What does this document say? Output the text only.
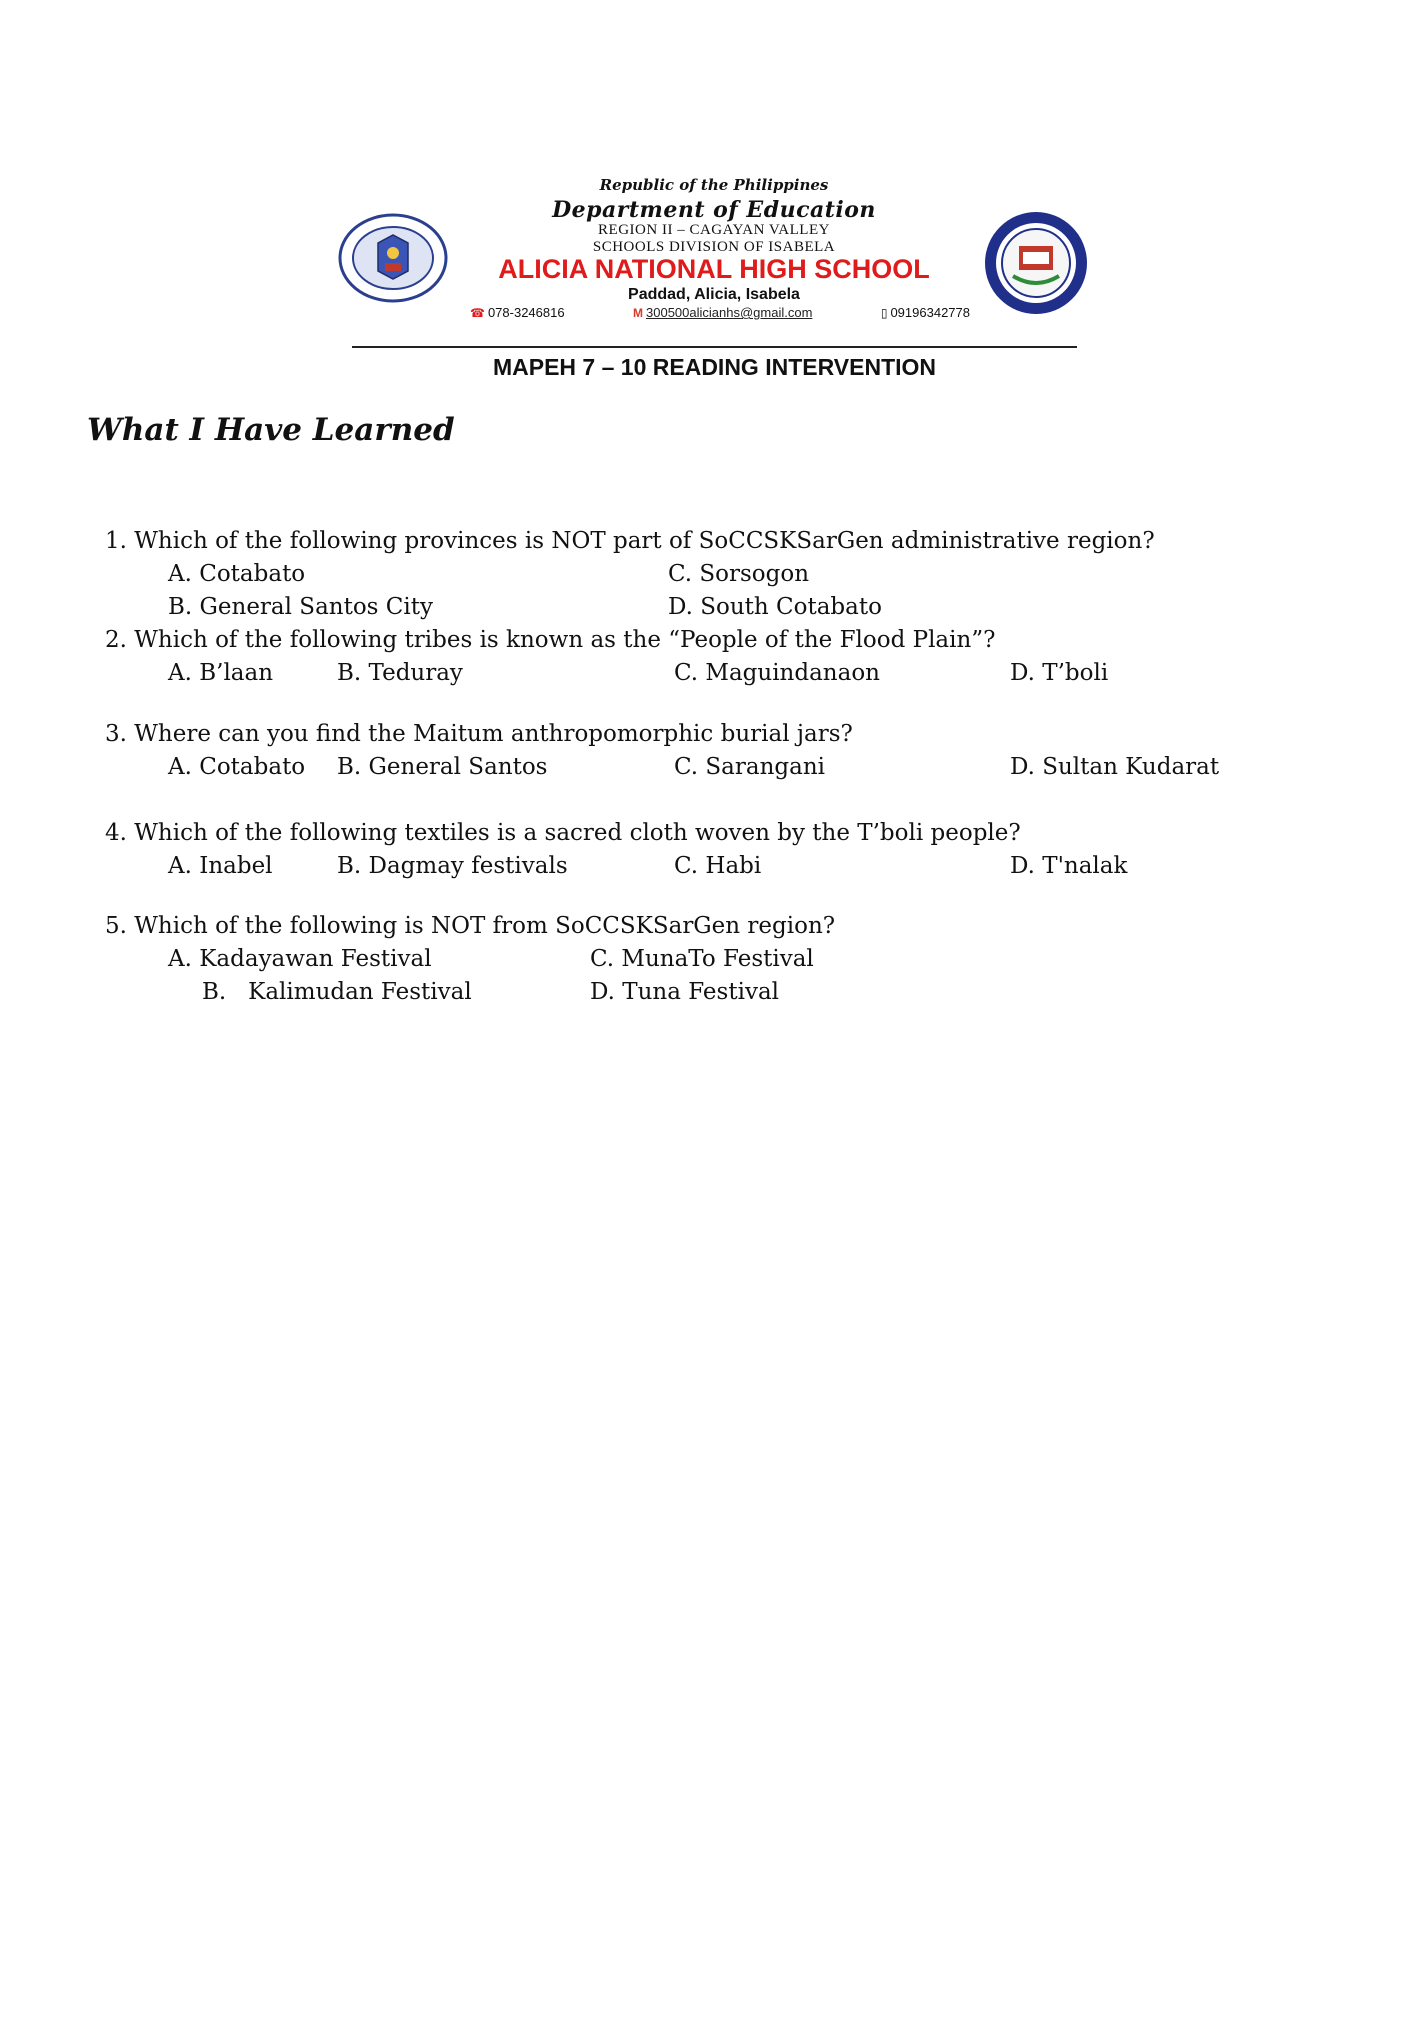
Republic of the Philippines
Department of Education
REGION II – CAGAYAN VALLEY
SCHOOLS DIVISION OF ISABELA
ALICIA NATIONAL HIGH SCHOOL
Paddad, Alicia, Isabela
☎ 078-3246816	M 300500alicianhs@gmail.com	▯ 09196342778
MAPEH 7 – 10 READING INTERVENTION
What I Have Learned
1. Which of the following provinces is NOT part of SoCCSKSarGen administrative region?
A. Cotabato	C. Sorsogon
B. General Santos City	D. South Cotabato
2. Which of the following tribes is known as the “People of the Flood Plain”?
A. B’laan	B. Teduray	C. Maguindanaon	D. T’boli
3. Where can you find the Maitum anthropomorphic burial jars?
A. Cotabato B. General Santos	C. Sarangani	D. Sultan Kudarat
4. Which of the following textiles is a sacred cloth woven by the T’boli people?
A. Inabel	B. Dagmay festivals	C. Habi	D. T'nalak
5. Which of the following is NOT from SoCCSKSarGen region?
A. Kadayawan Festival	C. MunaTo Festival
B.   Kalimudan Festival	D. Tuna Festival
